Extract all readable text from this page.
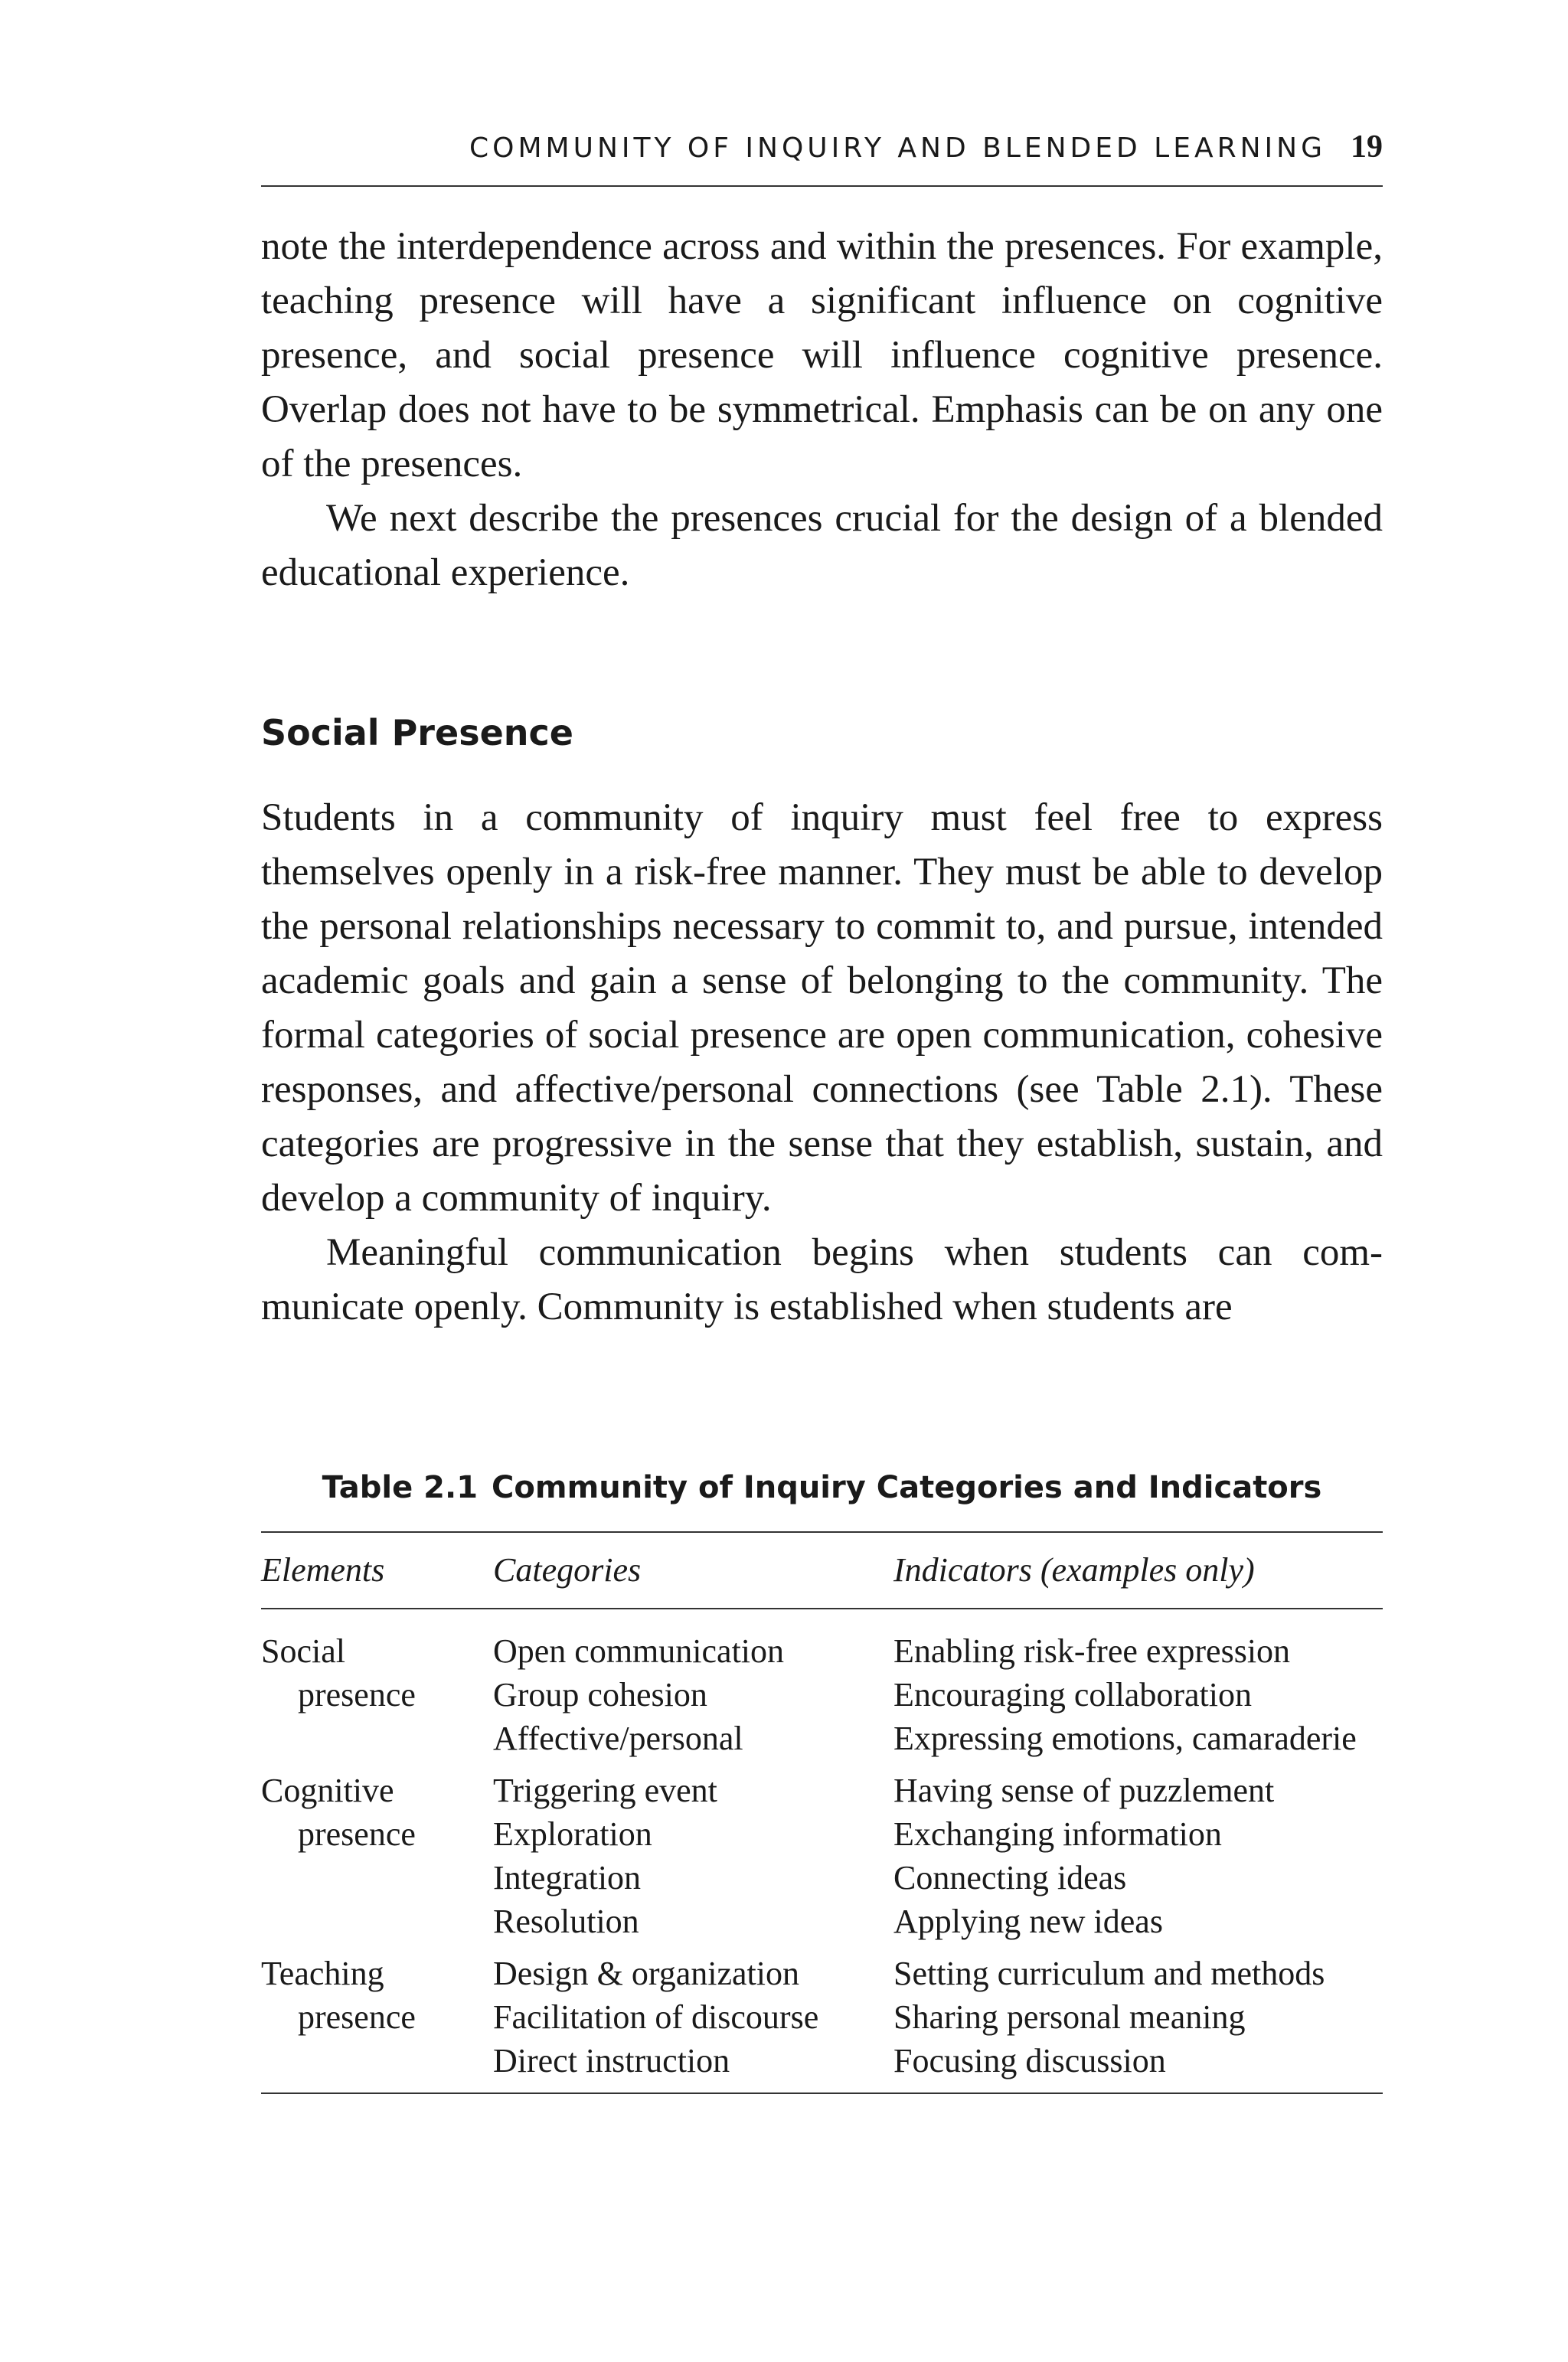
COMMUNITY OF INQUIRY AND BLENDED LEARNING 19

note the interdependence across and within the presences. For example, teaching presence will have a significant influence on cognitive presence, and social presence will influence cognitive presence. Overlap does not have to be symmetrical. Emphasis can be on any one of the presences.

We next describe the presences crucial for the design of a blended educational experience.

Social Presence

Students in a community of inquiry must feel free to express themselves openly in a risk-free manner. They must be able to develop the personal relationships necessary to commit to, and pursue, intended academic goals and gain a sense of belonging to the community. The formal categories of social presence are open communication, cohesive responses, and affective/personal connections (see Table 2.1). These categories are progressive in the sense that they establish, sustain, and develop a community of inquiry.

Meaningful communication begins when students can communicate openly. Community is established when students are

Table 2.1 Community of Inquiry Categories and Indicators
Elements	Categories	Indicators (examples only)
Social
presence
Open communication
Group cohesion
Affective/personal
Enabling risk-free expression
Encouraging collaboration
Expressing emotions, camaraderie
Cognitive
presence
Triggering event
Exploration
Integration
Resolution
Having sense of puzzlement
Exchanging information
Connecting ideas
Applying new ideas
Teaching
presence
Design & organization
Facilitation of discourse
Direct instruction
Setting curriculum and methods
Sharing personal meaning
Focusing discussion
